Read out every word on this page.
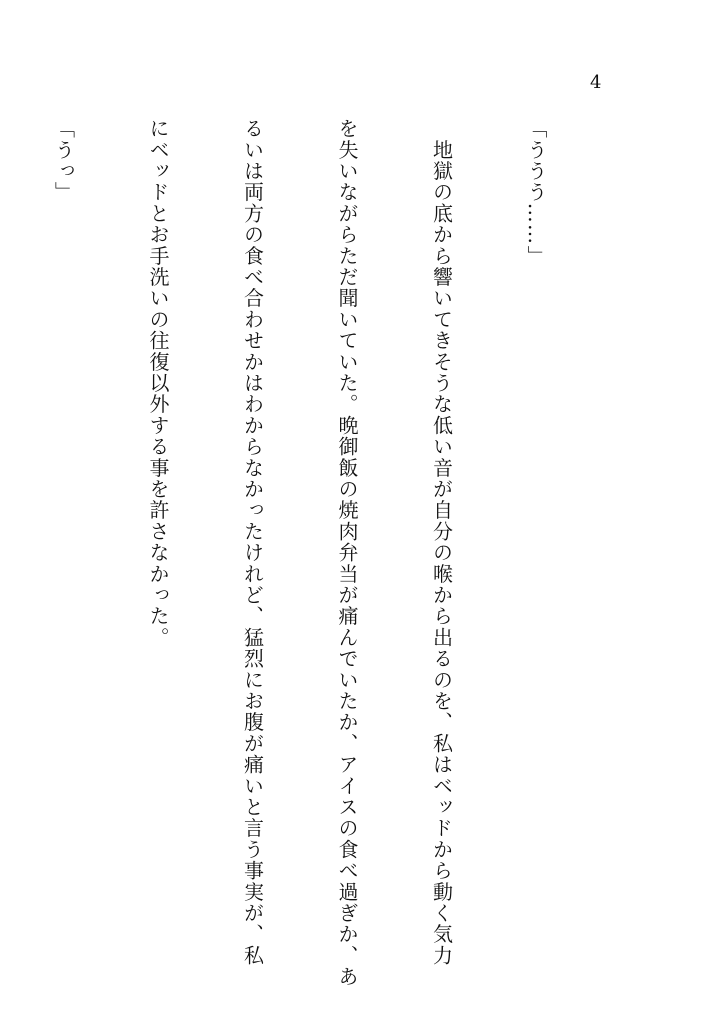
4

「ううう……」

　地獄の底から響いてきそうな低い音が自分の喉から出るのを、私はベッドから動く気力

を失いながらただ聞いていた。晩御飯の焼肉弁当が痛んでいたか、アイスの食べ過ぎか、あ

るいは両方の食べ合わせかはわからなかったけれど、猛烈にお腹が痛いと言う事実が、私

にベッドとお手洗いの往復以外する事を許さなかった。

「うっ」
